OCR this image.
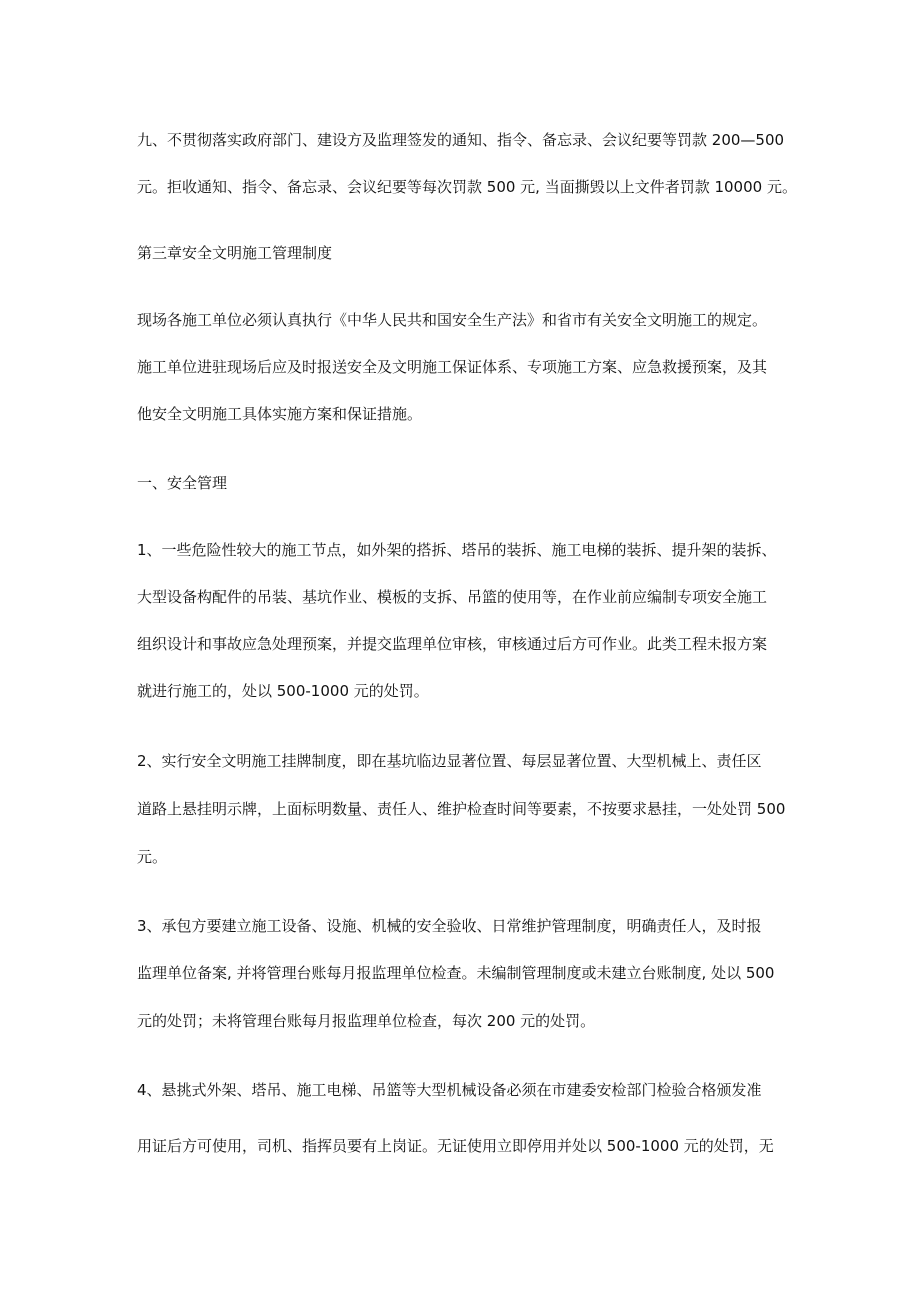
九、不贯彻落实政府部门、建设方及监理签发的通知、指令、备忘录、会议纪要等罚款 200—500
元。拒收通知、指令、备忘录、会议纪要等每次罚款 500 元, 当面撕毁以上文件者罚款 10000 元。
第三章安全文明施工管理制度
现场各施工单位必须认真执行《中华人民共和国安全生产法》和省市有关安全文明施工的规定。
施工单位进驻现场后应及时报送安全及文明施工保证体系、专项施工方案、应急救援预案，及其
他安全文明施工具体实施方案和保证措施。
一、安全管理
1、一些危险性较大的施工节点，如外架的搭拆、塔吊的装拆、施工电梯的装拆、提升架的装拆、
大型设备构配件的吊装、基坑作业、模板的支拆、吊篮的使用等，在作业前应编制专项安全施工
组织设计和事故应急处理预案，并提交监理单位审核，审核通过后方可作业。此类工程未报方案
就进行施工的，处以 500-1000 元的处罚。
2、实行安全文明施工挂牌制度，即在基坑临边显著位置、每层显著位置、大型机械上、责任区
道路上悬挂明示牌，上面标明数量、责任人、维护检查时间等要素，不按要求悬挂，一处处罚 500
元。
3、承包方要建立施工设备、设施、机械的安全验收、日常维护管理制度，明确责任人，及时报
监理单位备案, 并将管理台账每月报监理单位检查。未编制管理制度或未建立台账制度, 处以 500
元的处罚；未将管理台账每月报监理单位检查，每次 200 元的处罚。
4、悬挑式外架、塔吊、施工电梯、吊篮等大型机械设备必须在市建委安检部门检验合格颁发准
用证后方可使用，司机、指挥员要有上岗证。无证使用立即停用并处以 500-1000 元的处罚，无
